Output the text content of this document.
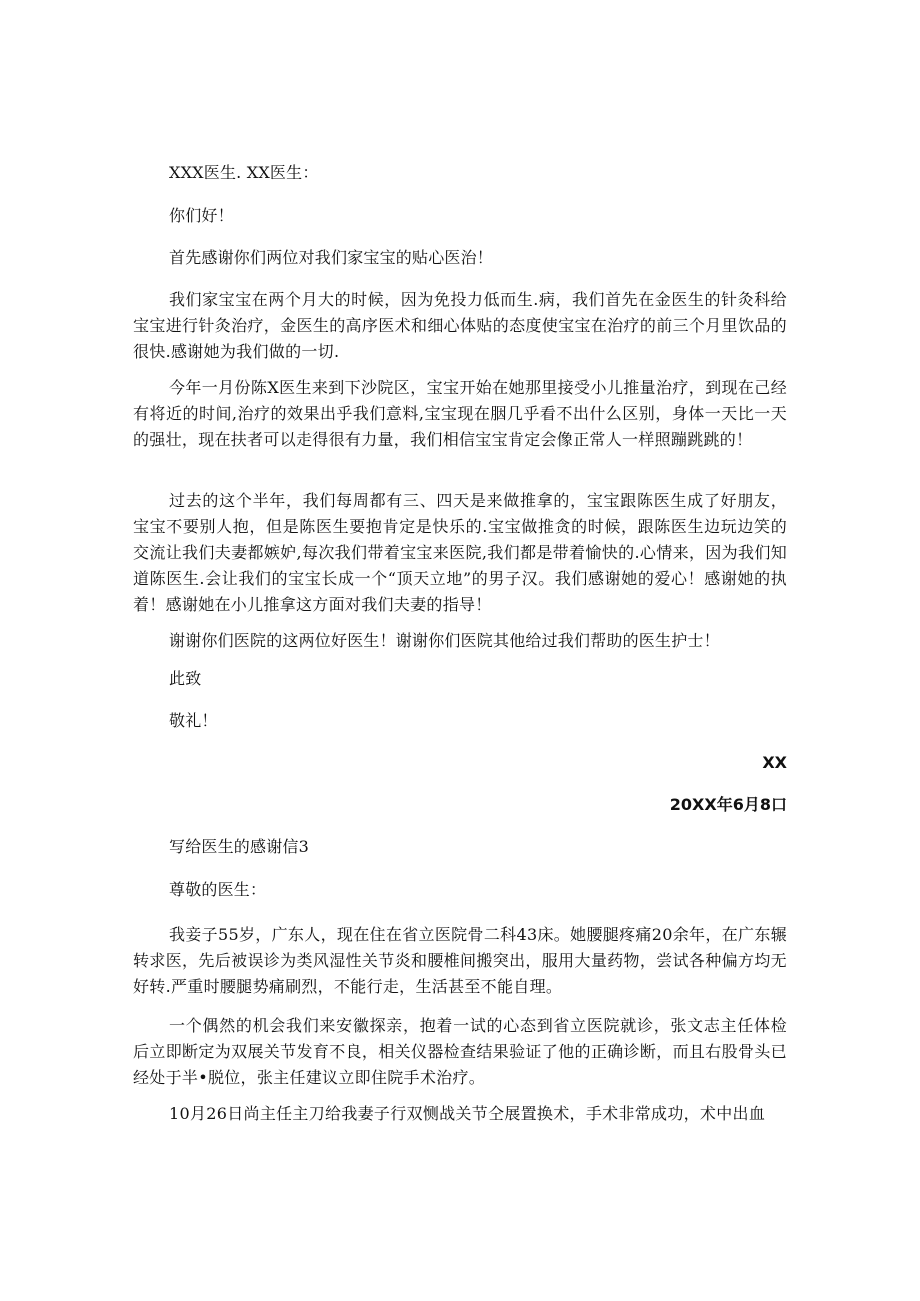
XXX医生. XX医生：
你们好！
首先感谢你们两位对我们家宝宝的贴心医治！
我们家宝宝在两个月大的时候，因为免投力低而生.病，我们首先在金医生的针灸科给宝宝进行针灸治疗，金医生的高序医术和细心体贴的态度使宝宝在治疗的前三个月里饮品的很快.感谢她为我们做的一切.
今年一月份陈X医生来到下沙院区，宝宝开始在她那里接受小儿推量治疗，到现在己经有将近的时间,治疗的效果出乎我们意料,宝宝现在胭几乎看不出什么区别，身体一天比一天的强壮，现在扶者可以走得很有力量，我们相信宝宝肯定会像正常人一样照蹦跳跳的！
过去的这个半年，我们每周都有三、四天是来做推拿的，宝宝跟陈医生成了好朋友，宝宝不要别人抱，但是陈医生要抱肯定是快乐的.宝宝做推贪的时候，跟陈医生边玩边笑的交流让我们夫妻都嫉妒,每次我们带着宝宝来医院,我们都是带着愉快的.心情来，因为我们知道陈医生.会让我们的宝宝长成一个“顶天立地”的男子汉。我们感谢她的爱心！感谢她的执着！感谢她在小儿推拿这方面对我们夫妻的指导！
谢谢你们医院的这两位好医生！谢谢你们医院其他给过我们帮助的医生护士！
此致
敬礼！
XX
20XX年6月8口
写给医生的感谢信3
尊敬的医生：
我妾子55岁，广东人，现在住在省立医院骨二科43床。她腰腿疼痛20余年，在广东辗转求医，先后被误诊为类风湿性关节炎和腰椎间搬突出，服用大量药物，尝试各种偏方均无好转.严重时腰腿势痛刷烈，不能行走，生活甚至不能自理。
一个偶然的机会我们来安徽探亲，抱着一试的心态到省立医院就诊，张文志主任体检后立即断定为双展关节发育不良，相关仪器检查结果验证了他的正确诊断，而且右股骨头已经处于半•脱位，张主任建议立即住院手术治疗。
10月26日尚主任主刀给我妻子行双恻战关节仝展置换术，手术非常成功，术中出血
